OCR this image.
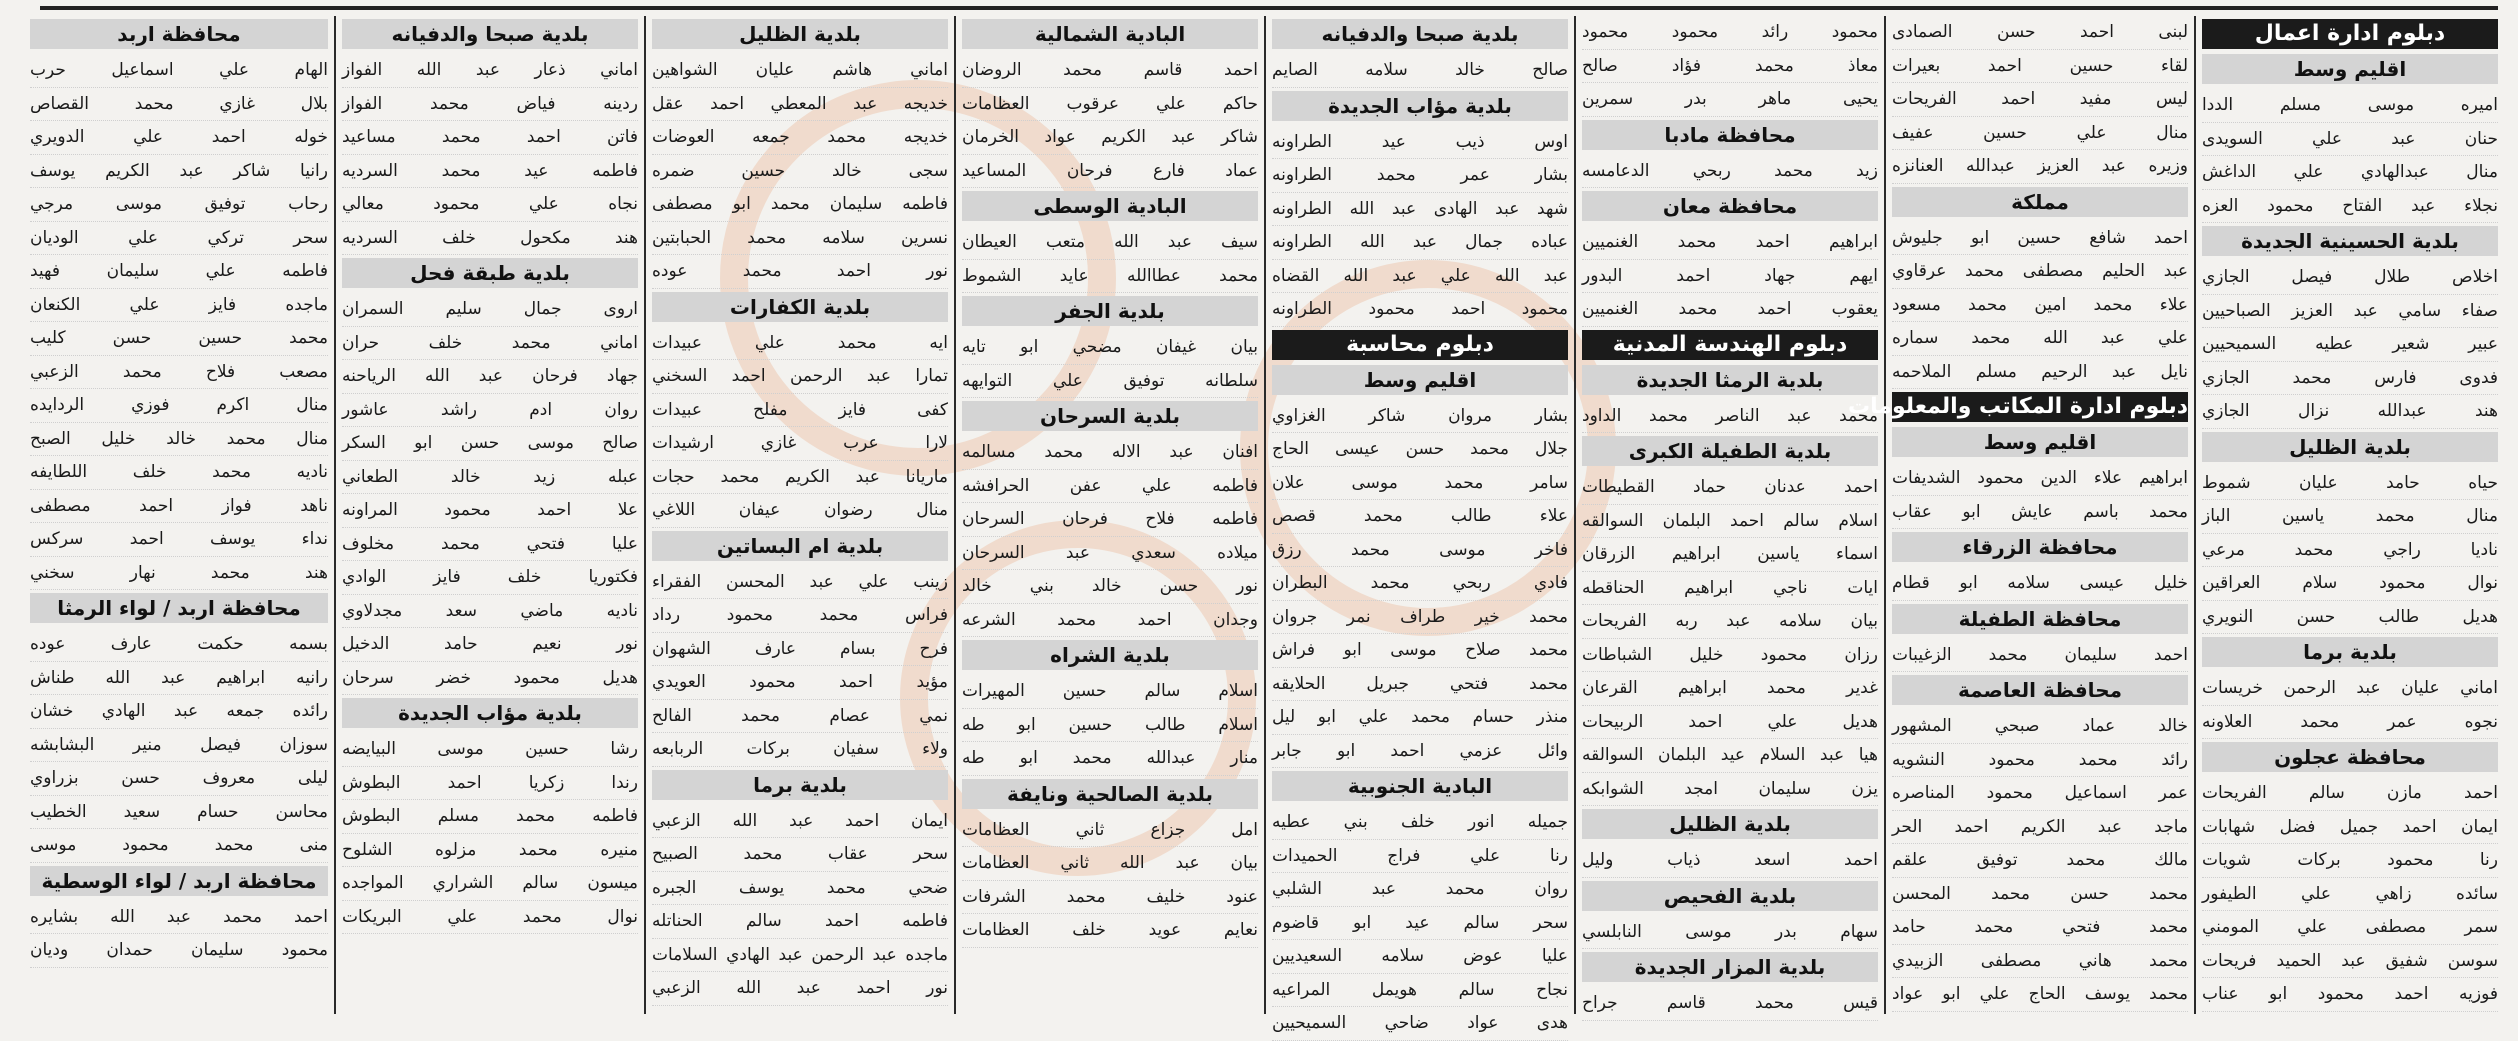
دبلوم ادارة اعمال
اقليم وسط
اميره موسى مسلم الددا
حنان عبد علي السويدى
منال عبدالهادي علي الداغش
نجلاء عبد الفتاح محمود العزه
بلدية الحسينية الجديدة
اخلاص طلال فيصل الجازي
صفاء سامي عبد العزيز الصباحيين
عبير شعير عطيه السميحيين
فدوى فارس محمد الجازي
هند عبدالله نزال الجازي
بلدية الظليل
حياه حامد عليان شموط
منال محمد ياسين الباز
ناديا راجي محمد مرعي
نوال محمود سلام العراقين
هديل طالب حسن النويري
بلدية برما
اماني عليان عبد الرحمن خريسات
نجوه عمر محمد العلاونه
محافظة عجلون
احمد مازن سالم الفريحات
ايمان احمد جميل فضل شهابات
رنا محمود بركات شويات
سائده زاهي علي الطيفور
سمر مصطفى علي المومني
سوسن شفيق عبد الحميد فريحات
فوزيه احمد محمود ابو عناب
لبنى احمد حسن الصمادى
لقاء حسين احمد بعيرات
ليس مفيد احمد الفريحات
منال علي حسين عفيف
وزيره عبد العزيز عبدالله العنانزه
مملكة
احمد شافع حسين ابو جليوش
عبد الحليم مصطفى محمد عرقاوي
علاء محمد امين محمد مسعود
علي عبد الله محمد سماره
نايل عبد الرحيم مسلم الملاحمه
دبلوم ادارة المكاتب والمعلومات
اقليم وسط
ابراهيم علاء الدين محمود الشديفات
محمد باسم عايش ابو عقاب
محافظة الزرقاء
خليل عيسى سلامه ابو قطام
محافظة الطفيلة
احمد سليمان محمد الزغيبات
محافظة العاصمة
خالد عماد صبحي المشهور
رائد محمد محمود النشويه
عمر اسماعيل محمود المناصره
ماجد عبد الكريم احمد الحر
مالك محمد توفيق علقم
محمد حسن محمد المحسن
محمد فتحي محمد حامد
محمد هاني مصطفى الزبيدي
محمد يوسف الحاج علي ابو عواد
محمود رائد محمود محمود
معاذ محمد فؤاد صالح
يحيى ماهر بدر سمرين
محافظة مادبا
زيد محمد ربحي الدعامسه
محافظة معان
ابراهيم احمد محمد الغنميين
ايهم جهاد احمد البدور
يعقوب احمد محمد الغنميين
دبلوم الهندسة المدنية
بلدية الرمثا الجديدة
محمد عبد الناصر محمد الداود
بلدية الطفيلة الكبرى
احمد عدنان حماد القطيطات
اسلام سالم احمد البلمان السوالقه
اسماء ياسين ابراهيم الزرقان
ايات ناجي ابراهيم الحناقطه
بيان سلامه عبد ربه الفريحات
رزان محمود خليل الشباطات
غدير محمد ابراهيم القرعان
هديل علي احمد الربيحات
هيا عبد السلام عيد البلمان السوالقه
يزن سليمان امجد الشوابكه
بلدية الظليل
احمد اسعد ذياب وليل
بلدية الفحيص
سهام بدر موسى النابلسي
بلدية المزار الجديدة
قيس محمد قاسم جراح
بلدية صبحا والدفيانه
صالح خالد سلامه الصايم
بلدية مؤاب الجديدة
اوس ذيب عيد الطراونه
بشار عمر محمد الطراونه
شهد عبد الهادى عبد الله الطراونه
عباده جمال عبد الله الطراونه
عبد الله علي عبد الله القضاه
محمود احمد محمود الطراونه
دبلوم محاسبة
اقليم وسط
بشار مروان شاكر الغزاوي
جلال محمد حسن عيسى الحاج
سامر محمد موسى علان
علاء طالب محمد قصص
فاخر موسى محمد رزق
فادي ربحي محمد البطران
محمد خير طراف نمر جروان
محمد صلاح موسى ابو فراش
محمد فتحي جبريل الحلايقه
منذر حسام محمد علي ابو ليل
وائل عزمي احمد ابو جابر
البادية الجنوبية
جميله انور خلف بني عطيه
رنا علي فراج الحميدات
روان محمد عبد الشلبي
سحر سالم عيد ابو قاضوم
عليا عوض سلامه السعيديين
نجاح سالم هويمل المراعيه
هدى عواد ضاحي السميحيين
البادية الشمالية
احمد قاسم محمد الروضان
حاكم علي عرقوب العظامات
شاكر عبد الكريم عواد الخرمان
عماد فارع فرحان المساعيد
البادية الوسطى
سيف عبد الله متعب العيطان
محمد عطاالله عايد الشموط
بلدية الجفر
بيان غيفان مضحي ابو تايه
سلطانه توفيق علي التوايهه
بلدية السرحان
افنان عبد الاله محمد مسالمه
فاطمه علي عفن الحرافشه
فاطمه فلاح فرحان السرحان
ميلاده سعدي عبد السرحان
نور حسن خالد بني خالد
وجدان احمد محمد الشرعه
بلدية الشراه
اسلام سالم حسين المهيرات
اسلام طالب حسين ابو طه
منار عبدالله محمد ابو طه
بلدية الصالحية ونايفة
امل جزاع ثاني العظامات
بيان عبد الله ثاني العظامات
عنود خليف محمد الشرفات
نعايم عويد خلف العظامات
بلدية الظليل
اماني هاشم عليان الشواهين
خديجه عبد المعطي احمد عقل
خديجه محمد جمعه العوضات
سجى خالد حسين ضمره
فاطمه سليمان محمد ابو مصطفى
نسرين سلامه محمد الحبابتين
نور احمد محمد عوده
بلدية الكفارات
ايه محمد علي عبيدات
تمارا عبد الرحمن احمد السخني
كفى فايز مفلح عبيدات
لارا عرب غازي ارشيدات
ماريانا عبد الكريم محمد حجات
منال رضوان عيفان اللاغي
بلدية ام البساتين
زينب علي عبد المحسن الفقراء
فراس محمد محمود رداد
فرح بسام عارف الشهوان
مؤيد احمد محمود العويدي
نمي عصام محمد الفالح
ولاء سفيان بركات الربابعه
بلدية برما
ايمان احمد عبد الله الزعبي
سحر عقاب محمد الصبيح
ضحي محمد يوسف الجبره
فاطمه احمد سالم الحناتله
ماجده عبد الرحمن عبد الهادي السلامات
نور احمد عبد الله الزعبي
بلدية صبحا والدفيانه
اماني ذعار عبد الله الفواز
ردينه فياض محمد الفواز
فاتن احمد محمد مساعيد
فاطمه عيد محمد السرديه
نجاه علي محمود معالي
هند مكحول خلف السرديه
بلدية طبقة فحل
اروى جمال سليم السمران
اماني محمد خلف حران
جهاد فرحان عبد الله الرياحنه
روان ادم راشد عاشور
صالح موسى حسن ابو السكر
عبله زيد خالد الطعاني
علا احمد محمود المراونه
عليا فتحي محمد مخلوف
فكتوريا خلف فايز الوادي
ناديه ماضي سعد مجدلاوي
نور نعيم حامد الدخيل
هديل محمود خضر سرحان
بلدية مؤاب الجديدة
رشا حسين موسى البيايضه
رندا زكريا احمد البطوش
فاطمه محمد مسلم البطوش
منيره محمد مزلوه الشلوح
ميسون سالم الشراري المواجده
نوال محمد علي البريكات
محافظة اربد
الهام علي اسماعيل حرب
بلال غازي محمد القصاص
خوله احمد علي الدويري
رانيا شاكر عبد الكريم يوسف
رحاب توفيق موسى مرجي
سحر تركي علي الوديان
فاطمه علي سليمان فهيد
ماجده فايز علي الكنعان
محمد حسين حسن كليب
مصعب فلاح محمد الزعبي
منال اكرم فوزي الردايده
منال محمد خالد خليل الصبح
ناديه محمد خلف اللطايفه
ناهد فواز احمد مصطفى
نداء يوسف احمد سركس
هند محمد نهار سخني
محافظة اربد / لواء الرمثا
بسمه حكمت عارف عوده
رانيه ابراهيم عبد الله طناش
رائده جمعه عبد الهادي خشان
سوزان فيصل منير البشابشه
ليلى معروف حسن بزراوي
محاسن حسام سعيد الخطيب
منى محمد محمود موسى
محافظة اربد / لواء الوسطية
احمد محمد عبد الله بشايره
محمود سليمان حمدان وديان
